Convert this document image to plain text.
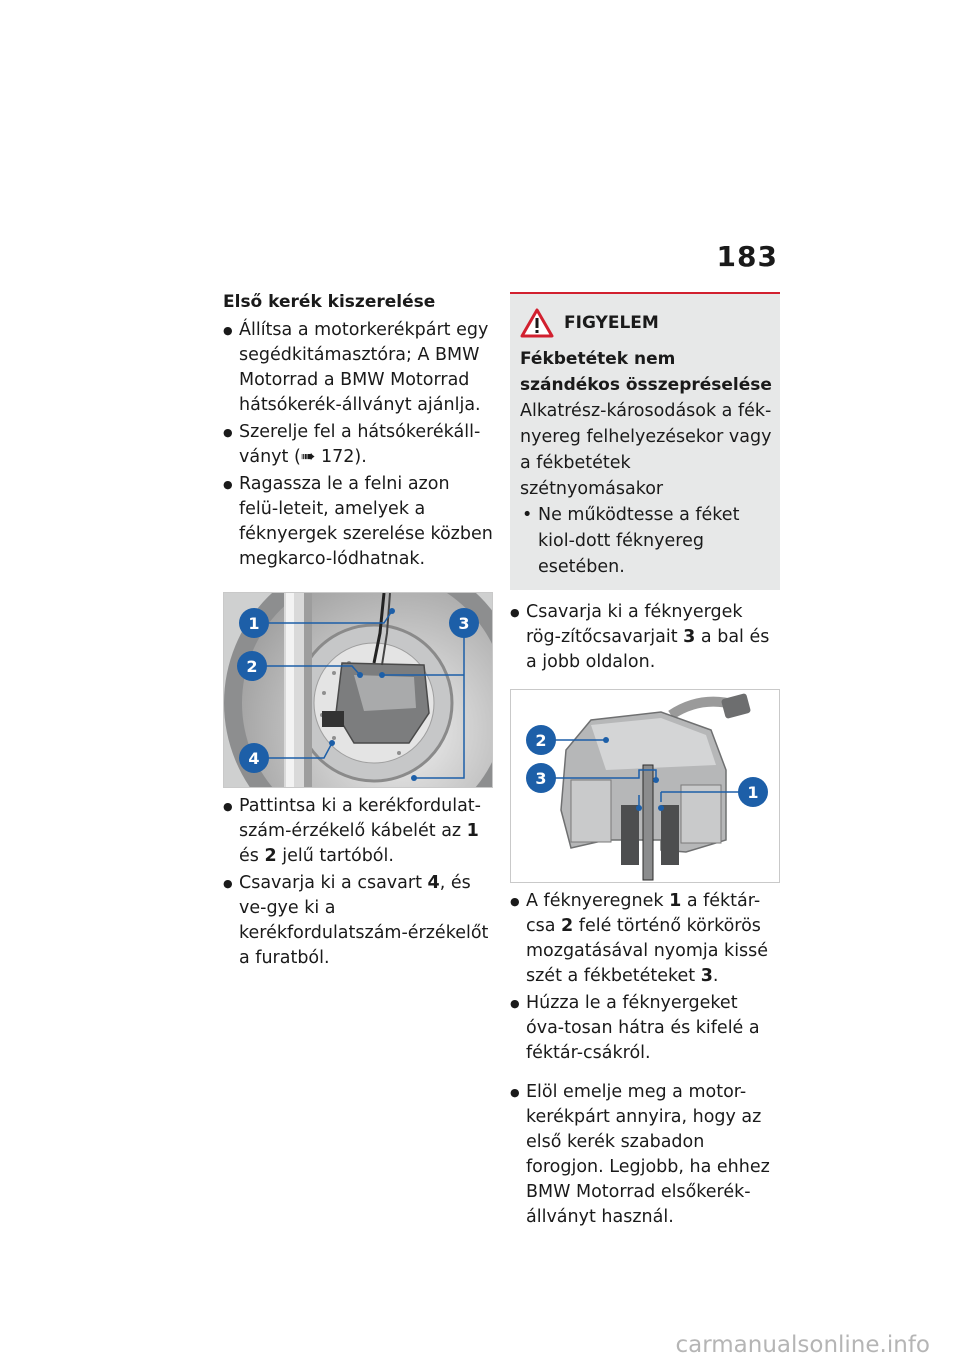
183
Első kerék kiszerelése
● Állítsa a motorkerékpárt egy segédkitámasztóra; A BMW Motorrad a BMW Motorrad hátsókerék-állványt ajánlja.
● Szerelje fel a hátsókerékáll-ványt (➠ 172).
● Ragassza le a felni azon felü-leteit, amelyek a féknyergek szerelése közben megkarco-lódhatnak.
1
2
3
4
● Pattintsa ki a kerékfordulat-szám-érzékelő kábelét az 1 és 2 jelű tartóból.
● Csavarja ki a csavart 4, és ve-gye ki a kerékfordulatszám-érzékelőt a furatból.
FIGYELEM
Fékbetétek nem szándékos összepréselése
Alkatrész-károsodások a fék-nyereg felhelyezésekor vagy a fékbetétek szétnyomásakor
• Ne működtesse a féket kiol-dott féknyereg esetében.
● Csavarja ki a féknyergek rög-zítőcsavarjait 3 a bal és a jobb oldalon.
2
3
1
● A féknyeregnek 1 a féktár-csa 2 felé történő körkörös mozgatásával nyomja kissé szét a fékbetéteket 3.
● Húzza le a féknyergeket óva-tosan hátra és kifelé a féktár-csákról.
● Elöl emelje meg a motor-kerékpárt annyira, hogy az első kerék szabadon forogjon. Legjobb, ha ehhez BMW Motorrad elsőkerék-állványt használ.
carmanualsonline.info
